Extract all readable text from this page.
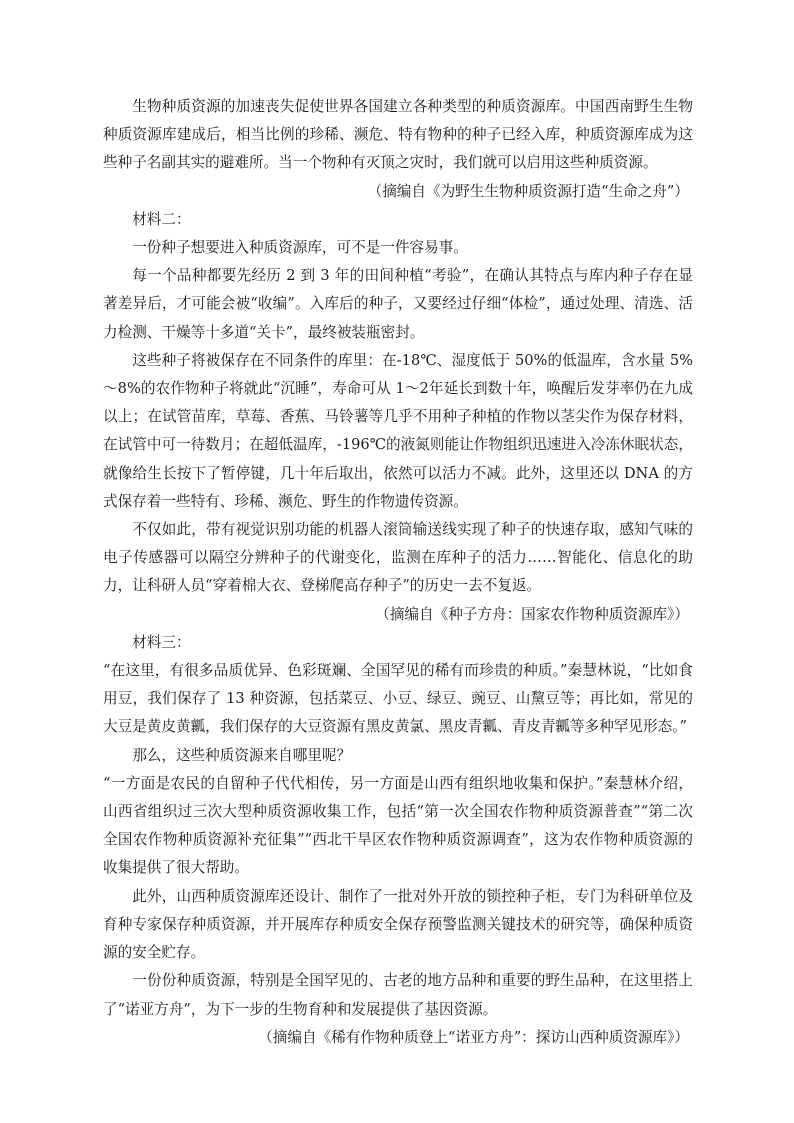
生物种质资源的加速丧失促使世界各国建立各种类型的种质资源库。中国西南野生生物种质资源库建成后，相当比例的珍稀、濒危、特有物种的种子已经入库，种质资源库成为这些种子名副其实的避难所。当一个物种有灭顶之灾时，我们就可以启用这些种质资源。

（摘编自《为野生生物种质资源打造“生命之舟”）

材料二：

一份种子想要进入种质资源库，可不是一件容易事。

每一个品种都要先经历 2 到 3 年的田间种植“考验”，在确认其特点与库内种子存在显著差异后，才可能会被“收编”。入库后的种子，又要经过仔细“体检”，通过处理、清选、活力检测、干燥等十多道“关卡”，最终被装瓶密封。

这些种子将被保存在不同条件的库里：在-18℃、湿度低于 50%的低温库，含水量 5%～8%的农作物种子将就此“沉睡”，寿命可从 1～2年延长到数十年，唤醒后发芽率仍在九成以上；在试管苗库，草莓、香蕉、马铃薯等几乎不用种子种植的作物以茎尖作为保存材料，在试管中可一待数月；在超低温库，-196℃的液氮则能让作物组织迅速进入冷冻休眠状态，就像给生长按下了暂停键，几十年后取出，依然可以活力不减。此外，这里还以 DNA 的方式保存着一些特有、珍稀、濒危、野生的作物遗传资源。

不仅如此，带有视觉识别功能的机器人滚筒输送线实现了种子的快速存取，感知气味的电子传感器可以隔空分辨种子的代谢变化，监测在库种子的活力……智能化、信息化的助力，让科研人员“穿着棉大衣、登梯爬高存种子”的历史一去不复返。

（摘编自《种子方舟：国家农作物种质资源库》）

材料三：

“在这里，有很多品质优异、色彩斑斓、全国罕见的稀有而珍贵的种质。”秦慧林说，“比如食用豆，我们保存了 13 种资源，包括菜豆、小豆、绿豆、豌豆、山黧豆等；再比如，常见的大豆是黄皮黄瓤，我们保存的大豆资源有黑皮黄氯、黑皮青瓤、青皮青瓤等多种罕见形态。”

那么，这些种质资源来自哪里呢？

“一方面是农民的自留种子代代相传，另一方面是山西有组织地收集和保护。”秦慧林介绍，山西省组织过三次大型种质资源收集工作，包括“第一次全国农作物种质资源普查”“第二次全国农作物种质资源补充征集”“西北干旱区农作物种质资源调查”，这为农作物种质资源的收集提供了很大帮助。

此外，山西种质资源库还设计、制作了一批对外开放的锁控种子柜，专门为科研单位及育种专家保存种质资源，并开展库存种质安全保存预警监测关键技术的研究等，确保种质资源的安全贮存。

一份份种质资源，特别是全国罕见的、古老的地方品种和重要的野生品种，在这里搭上了“诺亚方舟”，为下一步的生物育种和发展提供了基因资源。

（摘编自《稀有作物种质登上“诺亚方舟”：探访山西种质资源库》）
